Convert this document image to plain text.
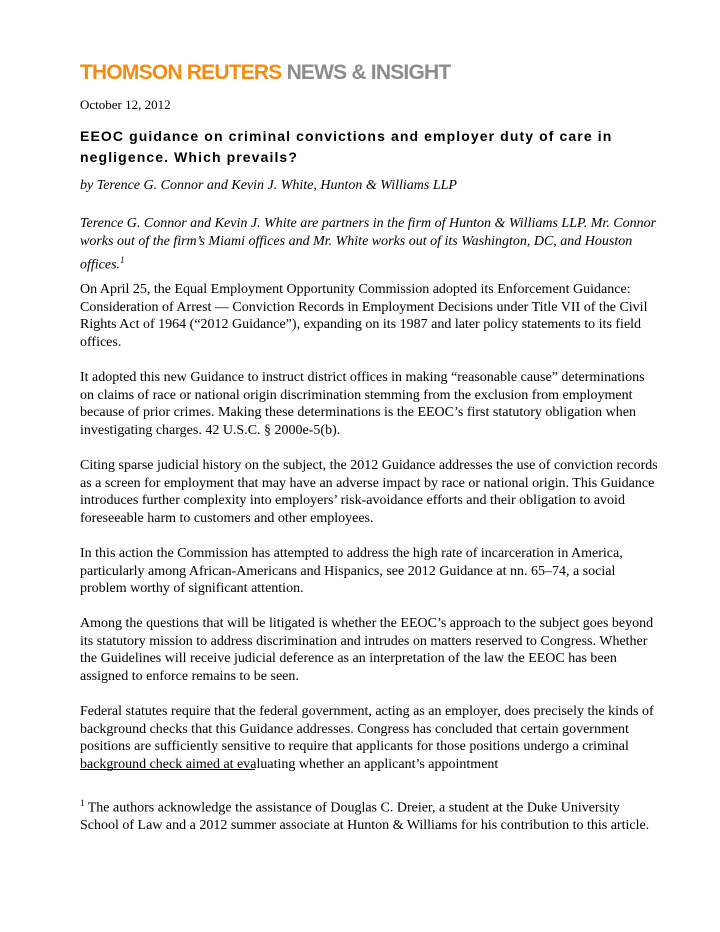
THOMSON REUTERS NEWS & INSIGHT
October 12, 2012
EEOC guidance on criminal convictions and employer duty of care in negligence. Which prevails?
by Terence G. Connor and Kevin J. White, Hunton & Williams LLP
Terence G. Connor and Kevin J. White are partners in the firm of Hunton & Williams LLP. Mr. Connor works out of the firm’s Miami offices and Mr. White works out of its Washington, DC, and Houston offices.$^1$

On April 25, the Equal Employment Opportunity Commission adopted its Enforcement Guidance: Consideration of Arrest — Conviction Records in Employment Decisions under Title VII of the Civil Rights Act of 1964 (“2012 Guidance”), expanding on its 1987 and later policy statements to its field offices.

It adopted this new Guidance to instruct district offices in making “reasonable cause” determinations on claims of race or national origin discrimination stemming from the exclusion from employment because of prior crimes. Making these determinations is the EEOC’s first statutory obligation when investigating charges. 42 U.S.C. § 2000e-5(b).

Citing sparse judicial history on the subject, the 2012 Guidance addresses the use of conviction records as a screen for employment that may have an adverse impact by race or national origin. This Guidance introduces further complexity into employers’ risk-avoidance efforts and their obligation to avoid foreseeable harm to customers and other employees.

In this action the Commission has attempted to address the high rate of incarceration in America, particularly among African-Americans and Hispanics, see 2012 Guidance at nn. 65–74, a social problem worthy of significant attention.

Among the questions that will be litigated is whether the EEOC’s approach to the subject goes beyond its statutory mission to address discrimination and intrudes on matters reserved to Congress. Whether the Guidelines will receive judicial deference as an interpretation of the law the EEOC has been assigned to enforce remains to be seen.

Federal statutes require that the federal government, acting as an employer, does precisely the kinds of background checks that this Guidance addresses. Congress has concluded that certain government positions are sufficiently sensitive to require that applicants for those positions undergo a criminal background check aimed at evaluating whether an applicant’s appointment

$^1$ The authors acknowledge the assistance of Douglas C. Dreier, a student at the Duke University School of Law and a 2012 summer associate at Hunton & Williams for his contribution to this article.
